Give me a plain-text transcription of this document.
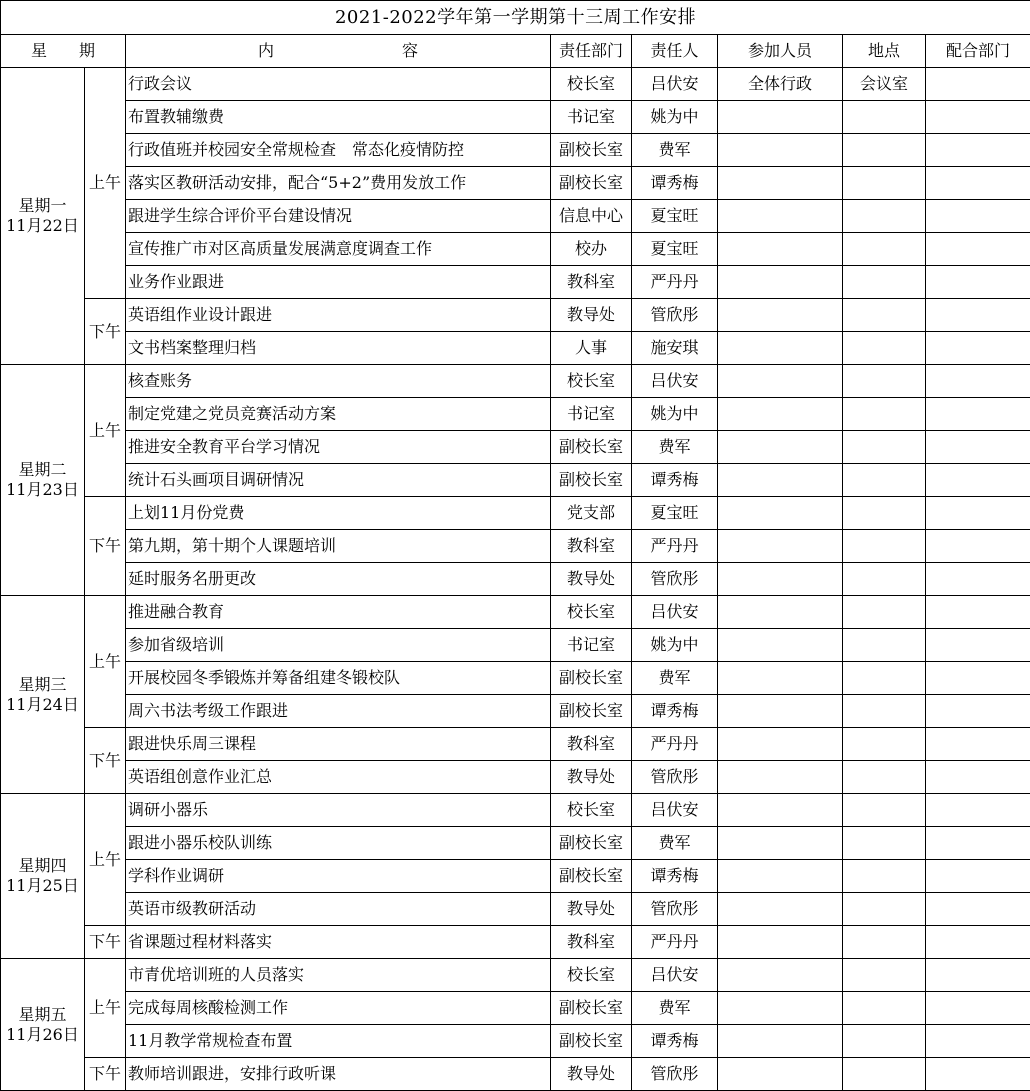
2021-2022学年第一学期第十三周工作安排							
星　　期		内　　　　　　　　容	责任部门	责任人	参加人员	地点	配合部门

星期一
11月22日	上午	行政会议	校长室	吕伏安	全体行政	会议室	
		布置教辅缴费	书记室	姚为中			
		行政值班并校园安全常规检查　常态化疫情防控	副校长室	费军			
		落实区教研活动安排，配合“5+2”费用发放工作	副校长室	谭秀梅			
		跟进学生综合评价平台建设情况	信息中心	夏宝旺			
		宣传推广市对区高质量发展满意度调查工作	校办	夏宝旺			
		业务作业跟进	教科室	严丹丹			
	下午	英语组作业设计跟进	教导处	管欣彤			
		文书档案整理归档	人事	施安琪			

星期二
11月23日	上午	核查账务	校长室	吕伏安			
		制定党建之党员竞赛活动方案	书记室	姚为中			
		推进安全教育平台学习情况	副校长室	费军			
		统计石头画项目调研情况	副校长室	谭秀梅			
	下午	上划11月份党费	党支部	夏宝旺			
		第九期，第十期个人课题培训	教科室	严丹丹			
		延时服务名册更改	教导处	管欣彤			

星期三
11月24日	上午	推进融合教育	校长室	吕伏安			
		参加省级培训	书记室	姚为中			
		开展校园冬季锻炼并筹备组建冬锻校队	副校长室	费军			
		周六书法考级工作跟进	副校长室	谭秀梅			
	下午	跟进快乐周三课程	教科室	严丹丹			
		英语组创意作业汇总	教导处	管欣彤			

星期四
11月25日	上午	调研小器乐	校长室	吕伏安			
		跟进小器乐校队训练	副校长室	费军			
		学科作业调研	副校长室	谭秀梅			
		英语市级教研活动	教导处	管欣彤			
	下午	省课题过程材料落实	教科室	严丹丹			

星期五
11月26日	上午	市青优培训班的人员落实	校长室	吕伏安			
		完成每周核酸检测工作	副校长室	费军			
		11月教学常规检查布置	副校长室	谭秀梅			
	下午	教师培训跟进，安排行政听课	教导处	管欣彤			
